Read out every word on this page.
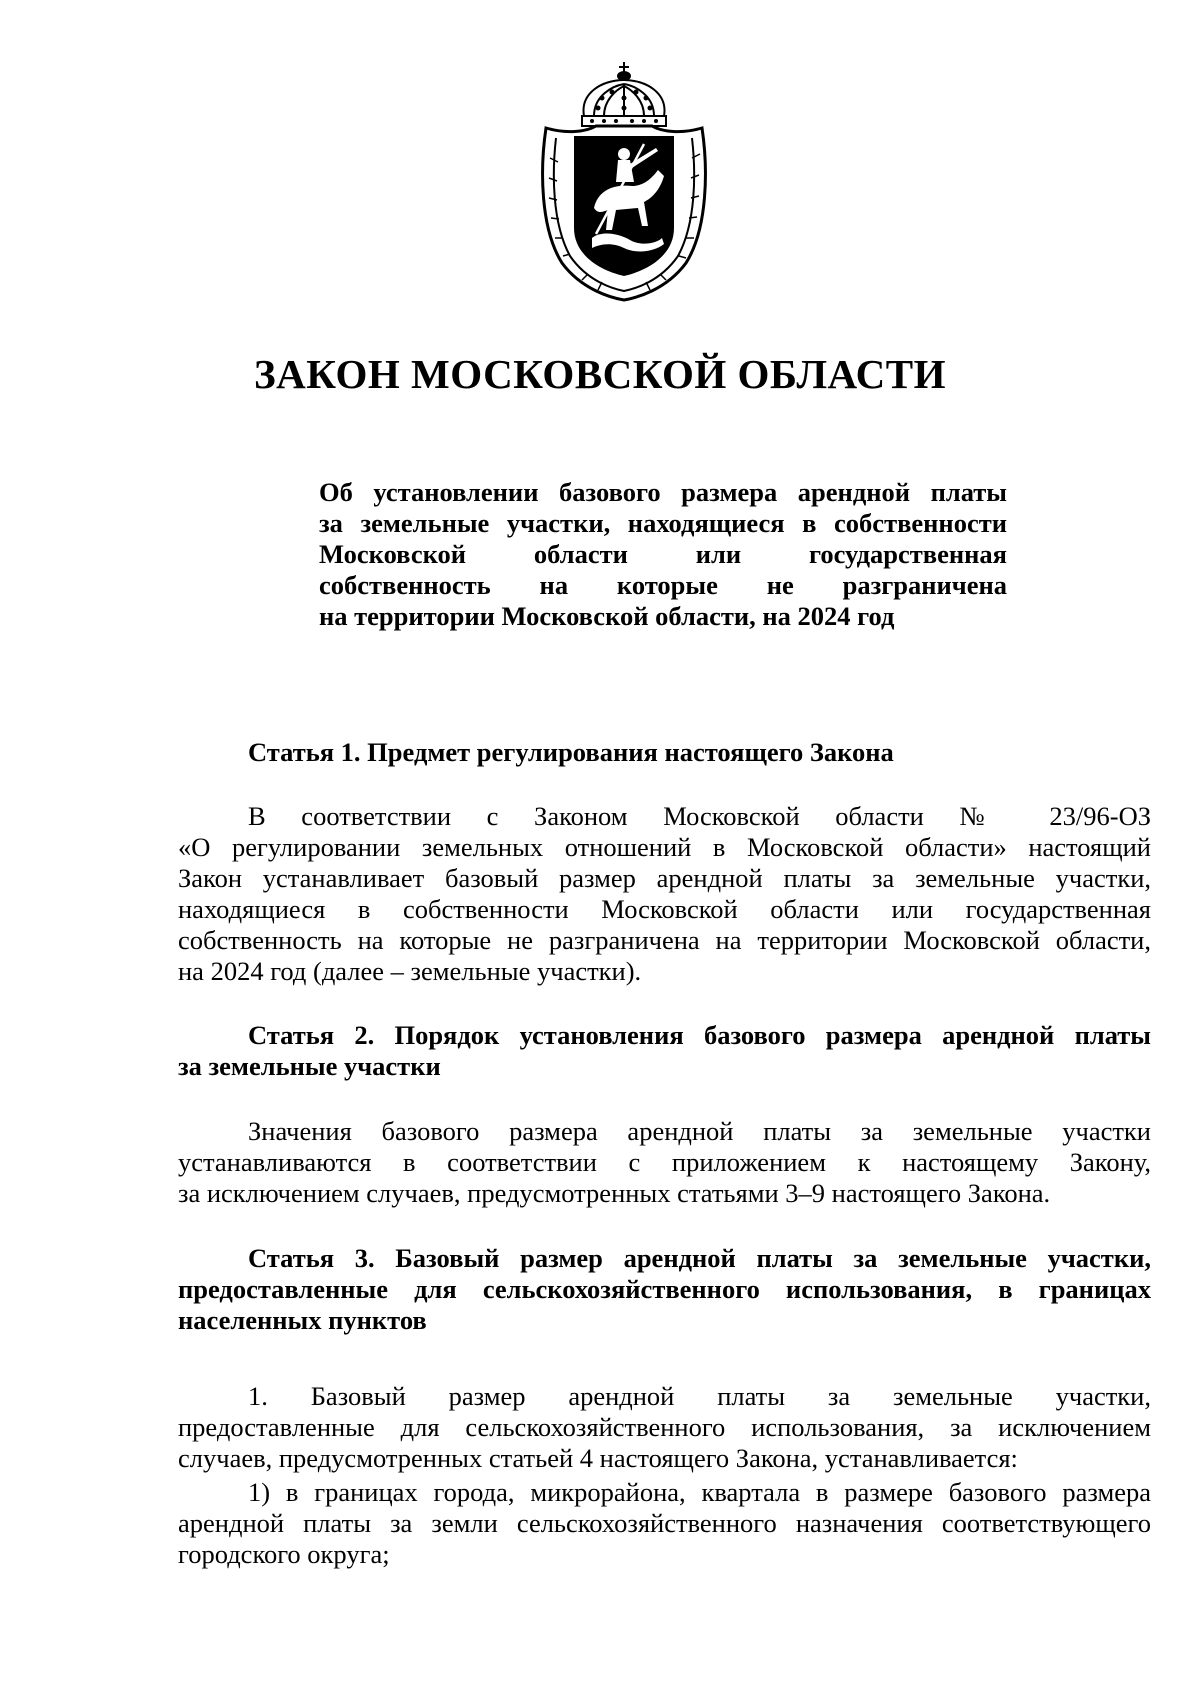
ЗАКОН МОСКОВСКОЙ ОБЛАСТИ
Об установлении базового размера арендной платы
за земельные участки, находящиеся в собственности
Московской области или государственная
собственность на которые не разграничена
на территории Московской области, на 2024 год
Статья 1. Предмет регулирования настоящего Закона
В соответствии с Законом Московской области № 23/96-ОЗ
«О регулировании земельных отношений в Московской области» настоящий
Закон устанавливает базовый размер арендной платы за земельные участки,
находящиеся в собственности Московской области или государственная
собственность на которые не разграничена на территории Московской области,
на 2024 год (далее – земельные участки).
Статья 2. Порядок установления базового размера арендной платы
за земельные участки
Значения базового размера арендной платы за земельные участки
устанавливаются в соответствии с приложением к настоящему Закону,
за исключением случаев, предусмотренных статьями 3–9 настоящего Закона.
Статья 3. Базовый размер арендной платы за земельные участки,
предоставленные для сельскохозяйственного использования, в границах
населенных пунктов
1. Базовый размер арендной платы за земельные участки,
предоставленные для сельскохозяйственного использования, за исключением
случаев, предусмотренных статьей 4 настоящего Закона, устанавливается:
1) в границах города, микрорайона, квартала в размере базового размера
арендной платы за земли сельскохозяйственного назначения соответствующего
городского округа;
